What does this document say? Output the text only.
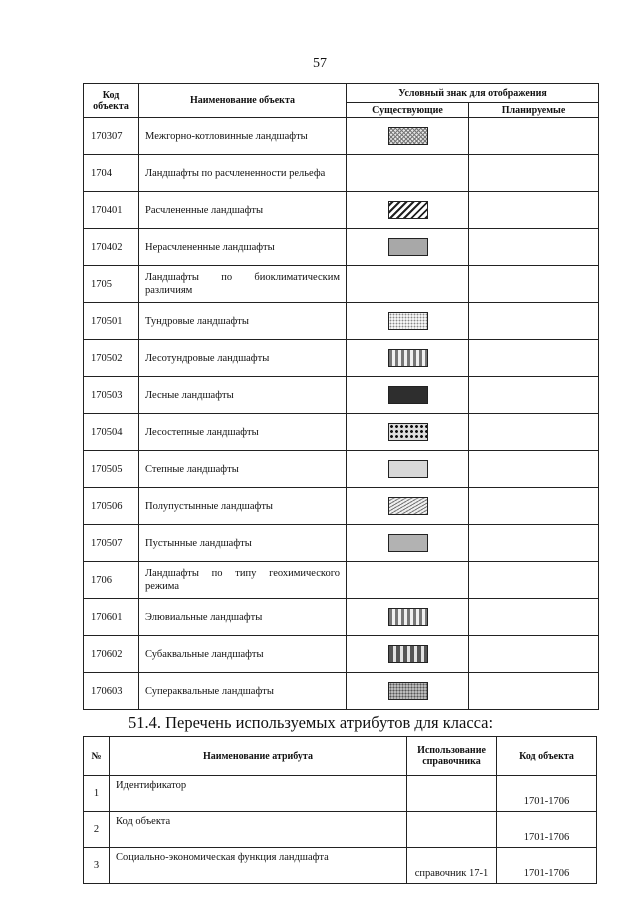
57
Код объекта	Наименование объекта	Условный знак для отображения	
		Существующие	Планируемые
170307	Межгорно-котловинные ландшафты		
1704	Ландшафты по расчлененности рельефа		
170401	Расчлененные ландшафты		
170402	Нерасчлененные ландшафты		
1705	Ландшафты по биоклиматическим различиям		
170501	Тундровые ландшафты		
170502	Лесотундровые ландшафты		
170503	Лесные ландшафты		
170504	Лесостепные ландшафты		
170505	Степные ландшафты		
170506	Полупустынные ландшафты		
170507	Пустынные ландшафты		
1706	Ландшафты по типу геохимического режима		
170601	Элювиальные ландшафты		
170602	Субаквальные ландшафты		
170603	Супераквальные ландшафты		
51.4. Перечень используемых атрибутов для класса:
№	Наименование атрибута	Использование справочника	Код объекта
1	Идентификатор		1701-1706
2	Код объекта		1701-1706
3	Социально-экономическая функция ландшафта	справочник 17-1	1701-1706
